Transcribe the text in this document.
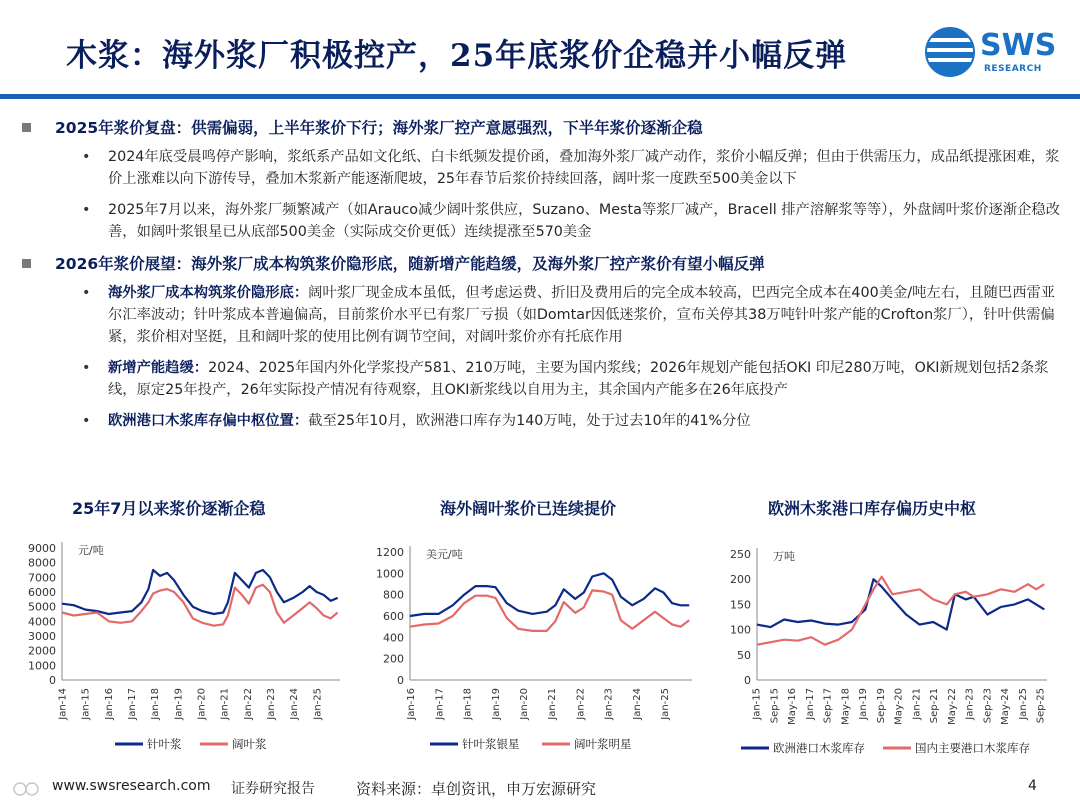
木浆：海外浆厂积极控产，25年底浆价企稳并小幅反弹	SWS
RESEARCH
2025年浆价复盘：供需偏弱，上半年浆价下行；海外浆厂控产意愿强烈，下半年浆价逐渐企稳
• 2024年底受晨鸣停产影响，浆纸系产品如文化纸、白卡纸频发提价函，叠加海外浆厂减产动作，浆价小幅反弹；但由于供需压力，成品纸提涨困难，浆价上涨难以向下游传导，叠加木浆新产能逐渐爬坡，25年春节后浆价持续回落，阔叶浆一度跌至500美金以下
• 2025年7月以来，海外浆厂频繁减产（如Arauco减少阔叶浆供应，Suzano、Mesta等浆厂减产，Bracell 排产溶解浆等等），外盘阔叶浆价逐渐企稳改善，如阔叶浆银星已从底部500美金（实际成交价更低）连续提涨至570美金
2026年浆价展望：海外浆厂成本构筑浆价隐形底，随新增产能趋缓，及海外浆厂控产浆价有望小幅反弹
• 海外浆厂成本构筑浆价隐形底：阔叶浆厂现金成本虽低，但考虑运费、折旧及费用后的完全成本较高，巴西完全成本在400美金/吨左右，且随巴西雷亚尔汇率波动；针叶浆成本普遍偏高，目前浆价水平已有浆厂亏损（如Domtar因低迷浆价，宣布关停其38万吨针叶浆产能的Crofton浆厂），针叶供需偏紧，浆价相对坚挺，且和阔叶浆的使用比例有调节空间，对阔叶浆价亦有托底作用
• 新增产能趋缓：2024、2025年国内外化学浆投产581、210万吨，主要为国内浆线；2026年规划产能包括OKI 印尼280万吨，OKI新规划包括2条浆线，原定25年投产，26年实际投产情况有待观察，且OKI新浆线以自用为主，其余国内产能多在26年底投产
• 欧洲港口木浆库存偏中枢位置：截至25年10月，欧洲港口库存为140万吨，处于过去10年的41%分位
25年7月以来浆价逐渐企稳	海外阔叶浆价已连续提价	欧洲木浆港口库存偏历史中枢
0
1000
2000
3000
4000
5000
6000
7000
8000
9000 元/吨
Jan-14 Jan-15 Jan-16 Jan-17 Jan-18 Jan-19 Jan-20 Jan-21 Jan-22 Jan-23 Jan-24 Jan-25
针叶浆	阔叶浆
0
200
400
600
800
1000
1200 美元/吨
Jan-16 Jan-17 Jan-18 Jan-19 Jan-20 Jan-21 Jan-22 Jan-23 Jan-24 Jan-25
针叶浆银星	阔叶浆明星
0
50
100
150
200
250 万吨
Jan-15 Sep-15 May-16 Jan-17 Sep-17 May-18 Jan-19 Sep-19 May-20 Jan-21 Sep-21 May-22 Jan-23 Sep-23 May-24 Jan-25 Sep-25
欧洲港口木浆库存	国内主要港口木浆库存
www.swsresearch.com 证券研究报告	资料来源：卓创资讯，申万宏源研究	4
